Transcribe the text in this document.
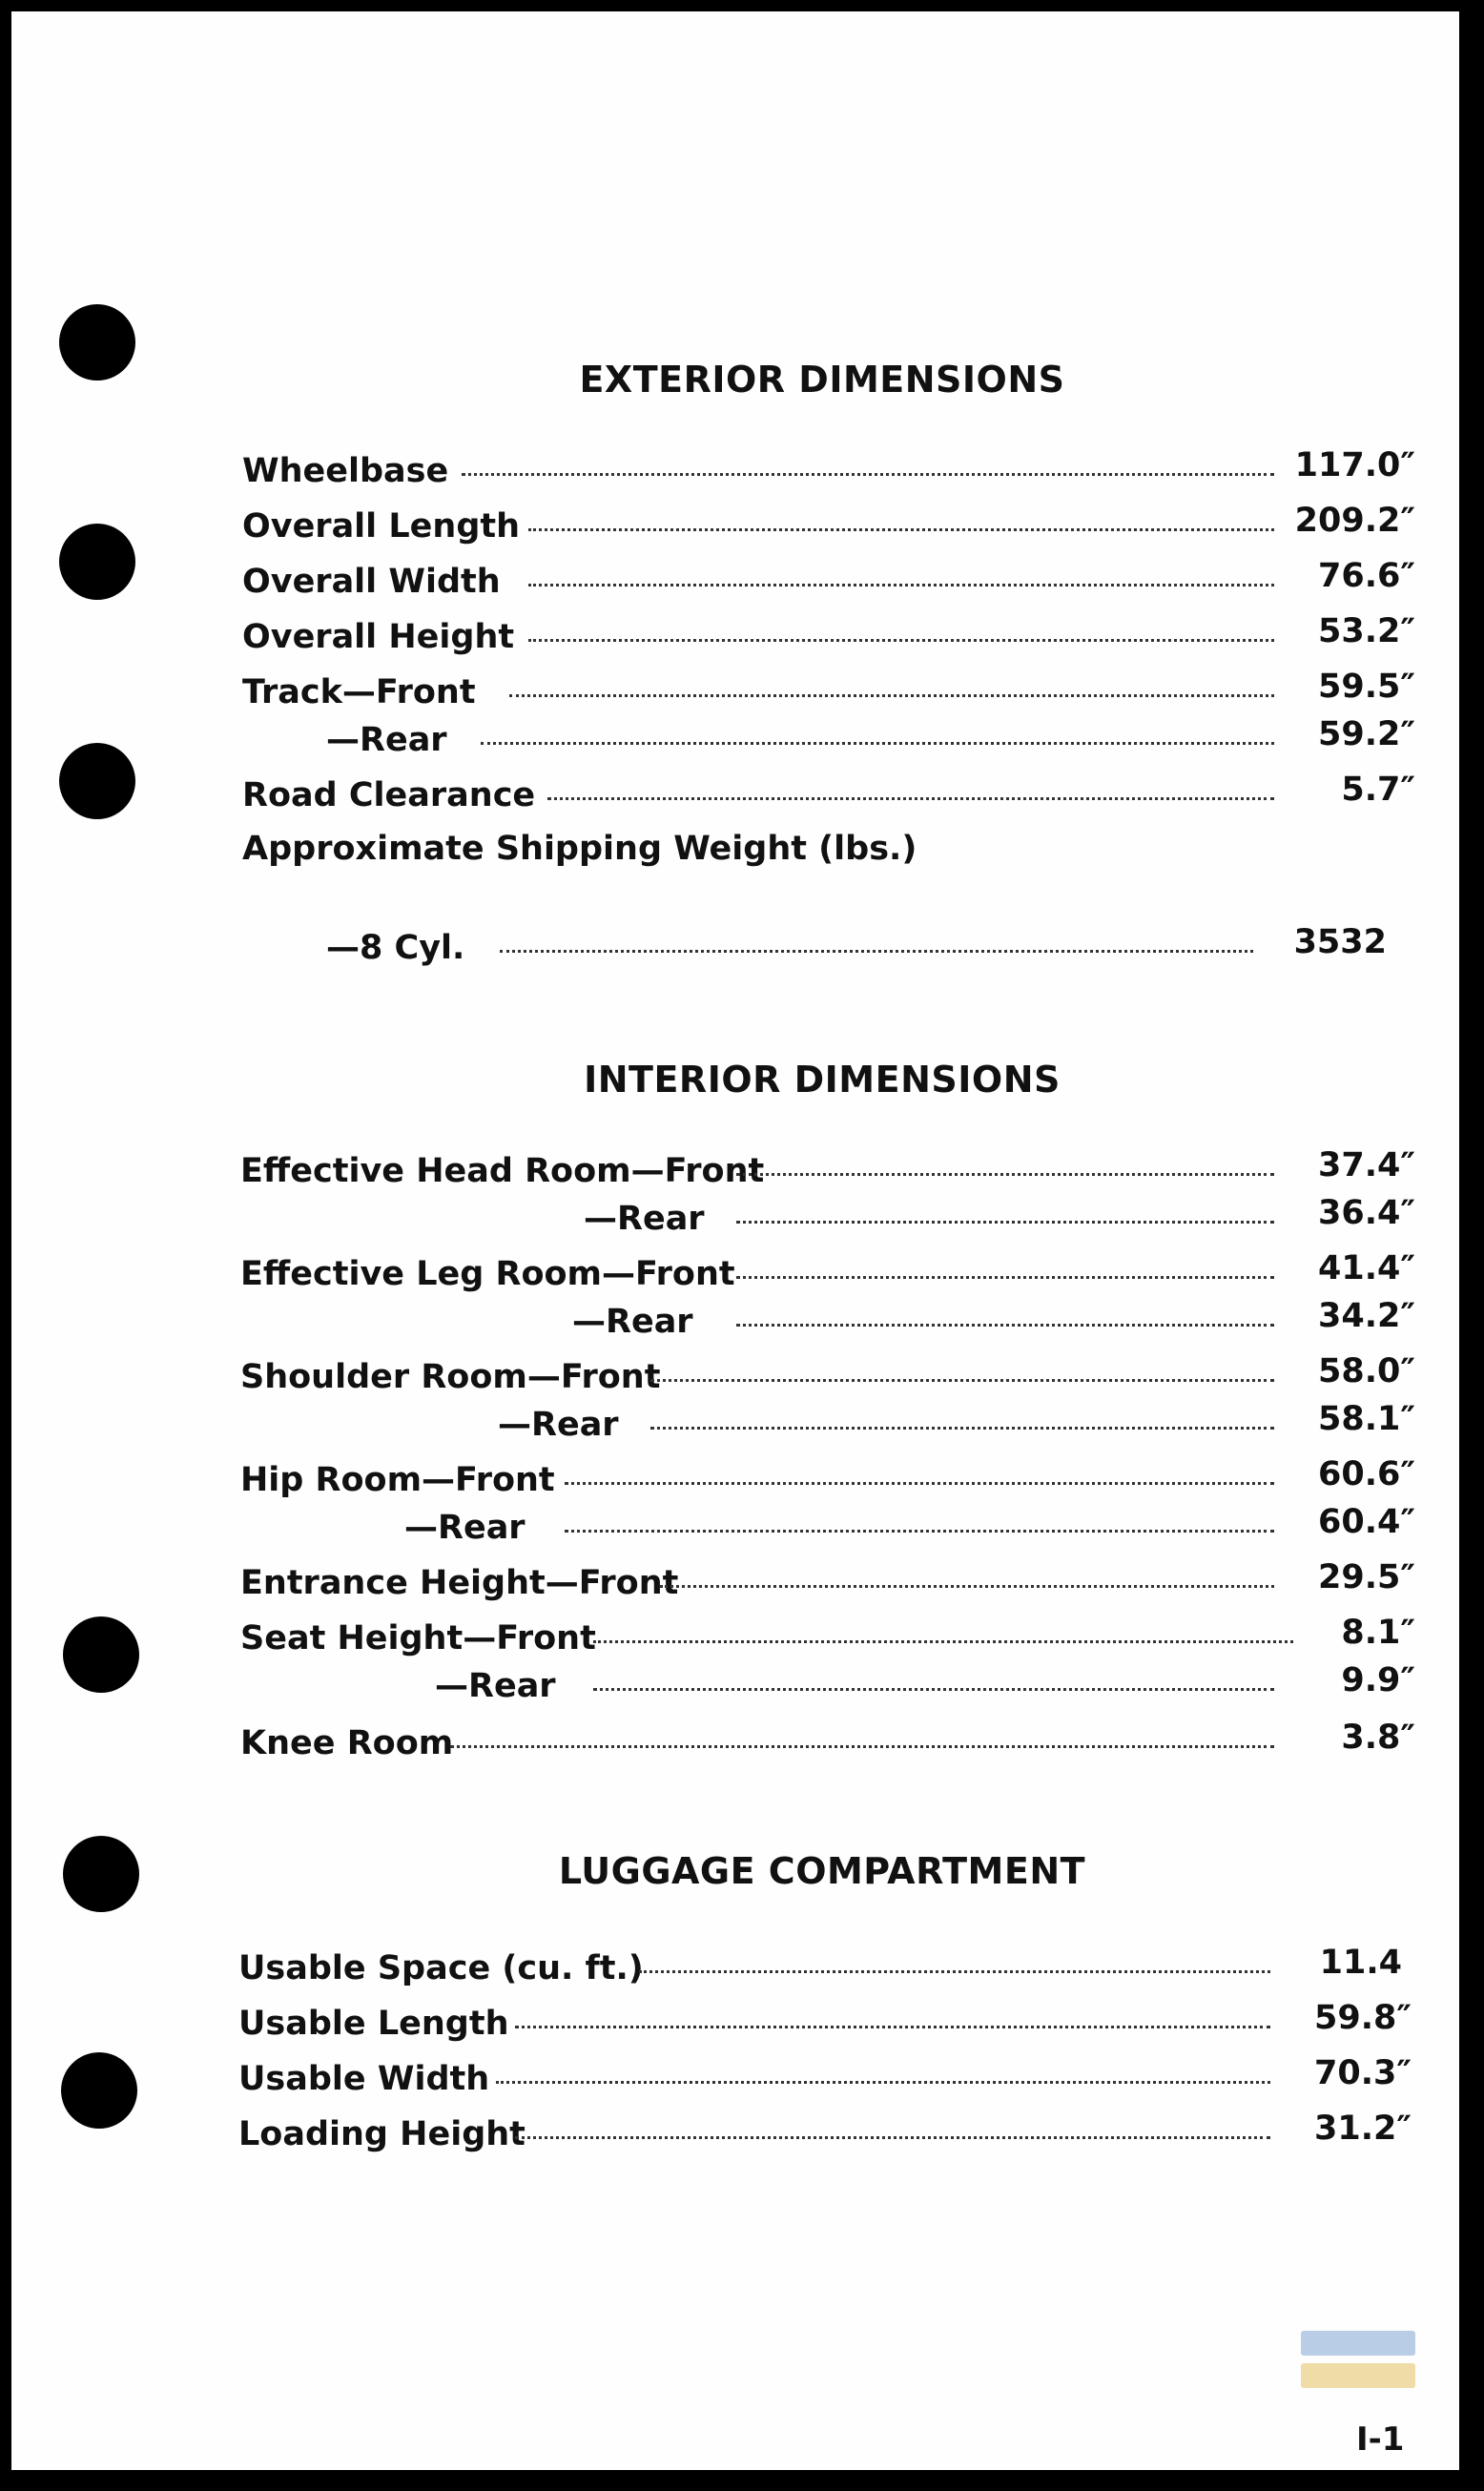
EXTERIOR DIMENSIONS
Wheelbase	117.0″
Overall Length	209.2″
Overall Width	76.6″
Overall Height	53.2″
Track—Front	59.5″
—Rear	59.2″
Road Clearance	5.7″
Approximate Shipping Weight (lbs.)
—8 Cyl.	3532
INTERIOR DIMENSIONS
Effective Head Room—Front	37.4″
—Rear	36.4″
Effective Leg Room—Front	41.4″
—Rear	34.2″
Shoulder Room—Front	58.0″
—Rear	58.1″
Hip Room—Front	60.6″
—Rear	60.4″
Entrance Height—Front	29.5″
Seat Height—Front	8.1″
—Rear	9.9″
Knee Room	3.8″
LUGGAGE COMPARTMENT
Usable Space (cu. ft.)	11.4
Usable Length	59.8″
Usable Width	70.3″
Loading Height	31.2″
I-1
